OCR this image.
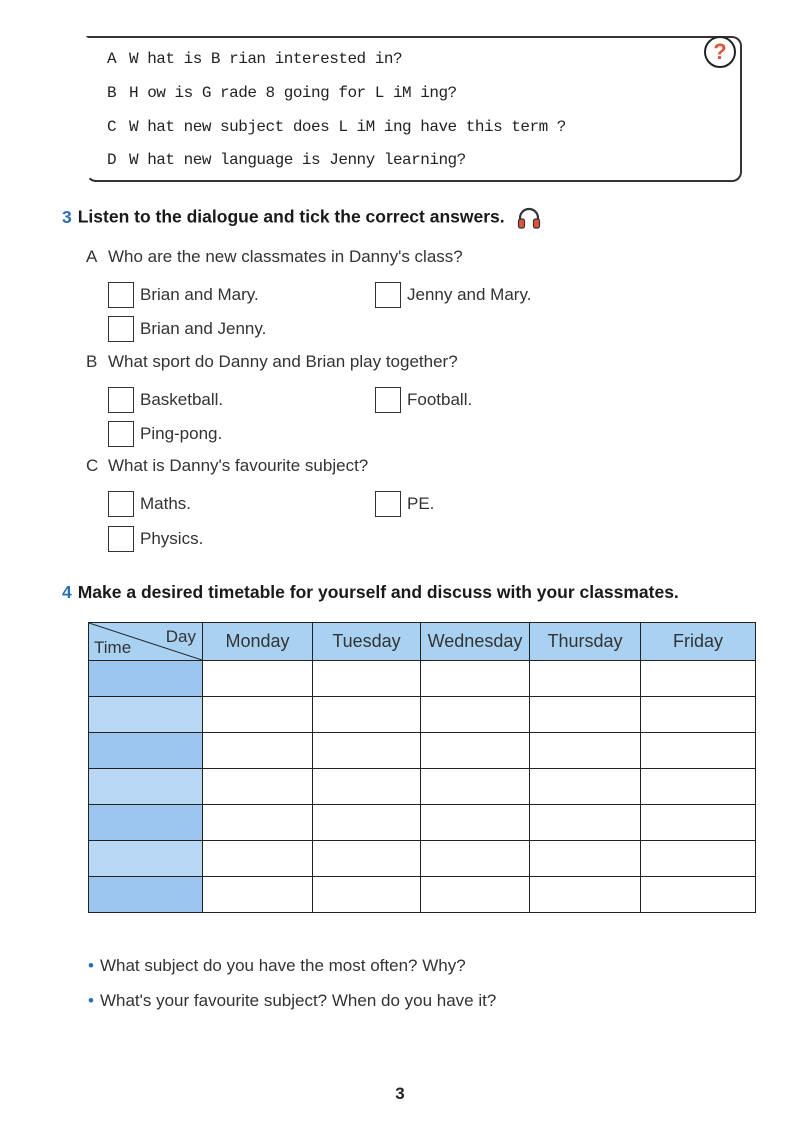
?
A W hat is B rian interested in?
B H ow is G rade 8 going for L iM ing?
C W hat new subject does L iM ing have this term ?
D W hat new language is Jenny learning?
3 Listen to the dialogue and tick the correct answers.
A Who are the new classmates in Danny's class?
Brian and Mary.	Jenny and Mary.
Brian and Jenny.
B What sport do Danny and Brian play together?
Basketball.	Football.
Ping-pong.
C What is Danny's favourite subject?
Maths.	PE.
Physics.
4 Make a desired timetable for yourself and discuss with your classmates.
Day
Time	Monday	Tuesday	Wednesday	Thursday	Friday

• What subject do you have the most often? Why?
• What's your favourite subject? When do you have it?
3
